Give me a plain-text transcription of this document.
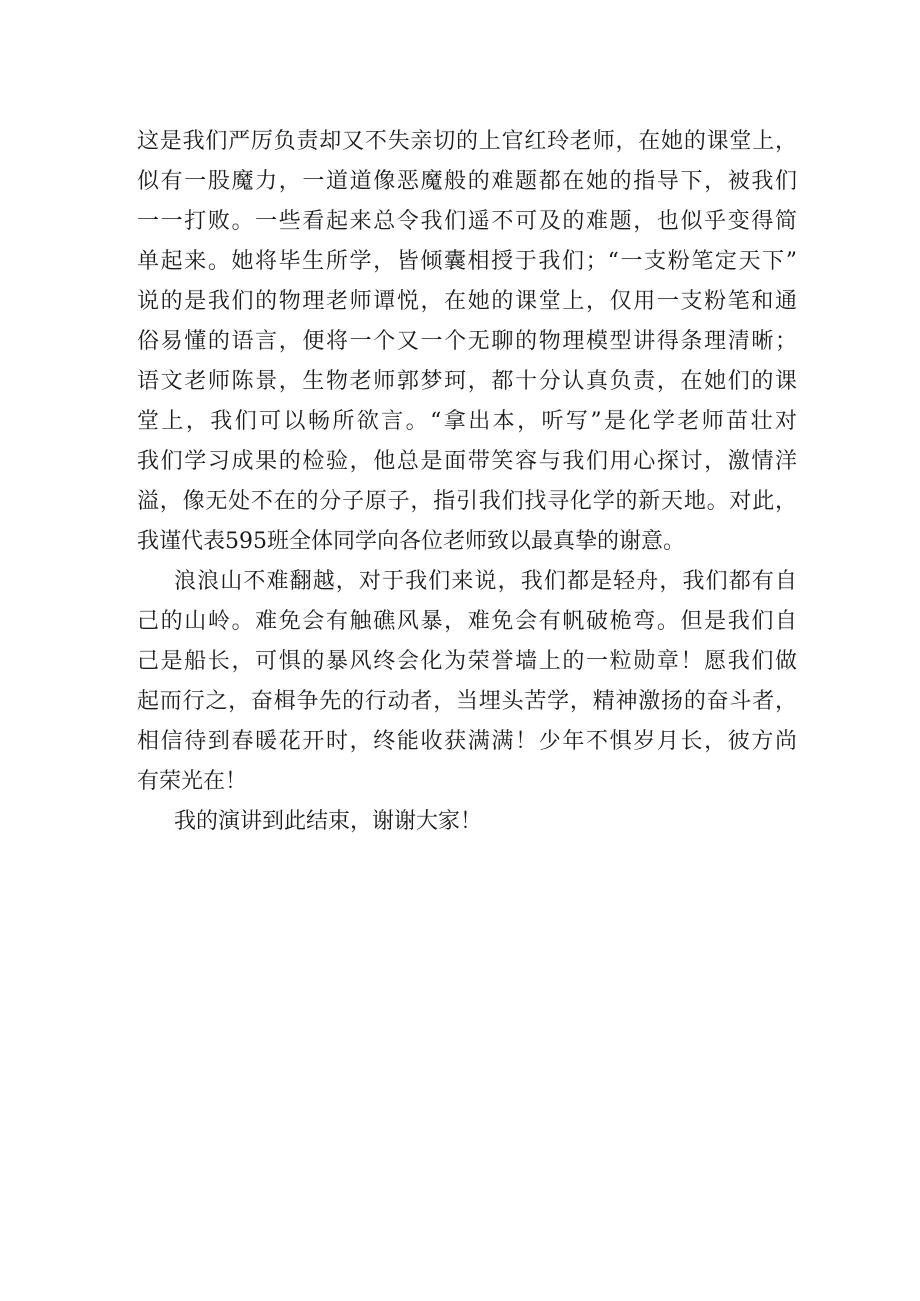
这是我们严厉负责却又不失亲切的上官红玲老师，在她的课堂上，
似有一股魔力，一道道像恶魔般的难题都在她的指导下，被我们
一一打败。一些看起来总令我们遥不可及的难题，也似乎变得简
单起来。她将毕生所学，皆倾囊相授于我们；“一支粉笔定天下”
说的是我们的物理老师谭悦，在她的课堂上，仅用一支粉笔和通
俗易懂的语言，便将一个又一个无聊的物理模型讲得条理清晰；
语文老师陈景，生物老师郭梦珂，都十分认真负责，在她们的课
堂上，我们可以畅所欲言。“拿出本，听写”是化学老师苗壮对
我们学习成果的检验，他总是面带笑容与我们用心探讨，激情洋
溢，像无处不在的分子原子，指引我们找寻化学的新天地。对此，
我谨代表595班全体同学向各位老师致以最真挚的谢意。
浪浪山不难翻越，对于我们来说，我们都是轻舟，我们都有自
己的山岭。难免会有触礁风暴，难免会有帆破桅弯。但是我们自
己是船长，可惧的暴风终会化为荣誉墙上的一粒勋章！愿我们做
起而行之，奋楫争先的行动者，当埋头苦学，精神激扬的奋斗者，
相信待到春暖花开时，终能收获满满！少年不惧岁月长，彼方尚
有荣光在！
我的演讲到此结束，谢谢大家！
